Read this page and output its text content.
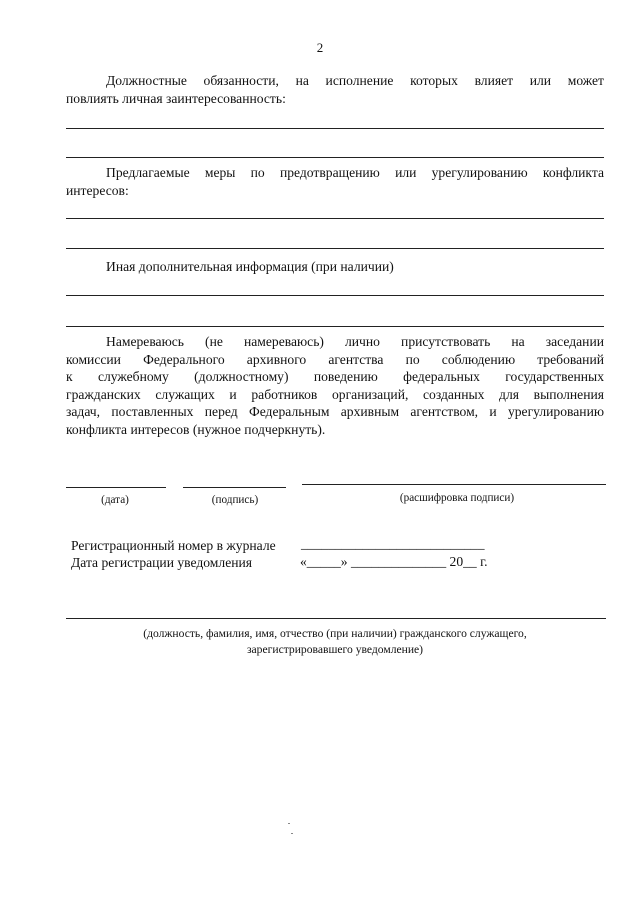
2
Должностные обязанности, на исполнение которых влияет или может
повлиять личная заинтересованность:
Предлагаемые меры по предотвращению или урегулированию конфликта
интересов:
Иная дополнительная информация (при наличии)
Намереваюсь (не намереваюсь) лично присутствовать на заседании
комиссии Федерального архивного агентства по соблюдению требований
к служебному (должностному) поведению федеральных государственных
гражданских служащих и работников организаций, созданных для выполнения
задач, поставленных перед Федеральным архивным агентством, и урегулированию
конфликта интересов (нужное подчеркнуть).
(дата)	(подпись)	(расшифровка подписи)
Регистрационный номер в журнале ___________________________
Дата регистрации уведомления	«_____» ______________ 20__ г.
(должность, фамилия, имя, отчество (при наличии) гражданского служащего,
зарегистрировавшего уведомление)
